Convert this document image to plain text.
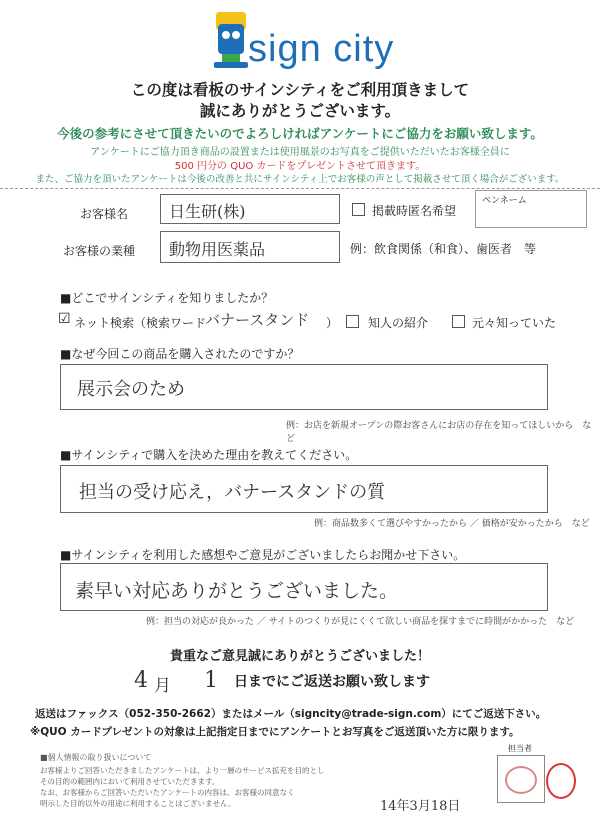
sign city
この度は看板のサインシティをご利用頂きまして
誠にありがとうございます。
今後の参考にさせて頂きたいのでよろしければアンケートにご協力をお願い致します。
アンケートにご協力頂き商品の設置または使用風景のお写真をご提供いただいたお客様全員に
500 円分の QUO カードをプレゼントさせて頂きます。
また、ご協力を頂いたアンケートは今後の改善と共にサインシティ上でお客様の声として掲載させて頂く場合がございます。
お客様名	日生研(株)	掲載時匿名希望
ペンネーム
お客様の業種 動物用医薬品	例：飲食関係（和食）、歯医者　等
■どこでサインシティを知りましたか？
☑ ネット検索（検索ワード
バナースタンド ） 知人の紹介	元々知っていた
■なぜ今回この商品を購入されたのですか？
展示会のため
例：お店を新規オープンの際お客さんにお店の存在を知ってほしいから　など
■サインシティで購入を決めた理由を教えてください。
担当の受け応え，バナースタンドの質
例：商品数多くて選びやすかったから ／ 価格が安かったから　など
■サインシティを利用した感想やご意見がございましたらお聞かせ下さい。
素早い対応ありがとうございました。
例：担当の対応が良かった ／ サイトのつくりが見にくくて欲しい商品を探すまでに時間がかかった　など
貴重なご意見誠にありがとうございました！
4 月 1 日までにご返送お願い致します
返送はファックス（052-350-2662）またはメール（signcity@trade-sign.com）にてご返送下さい。
※QUO カードプレゼントの対象は上記指定日までにアンケートとお写真をご返送頂いた方に限ります。
■個人情報の取り扱いについて
お客様よりご回答いただきましたアンケートは、より一層のサービス拡充を目的とし
その目的の範囲内において利用させていただきます。
なお、お客様からご回答いただいたアンケートの内容は、お客様の同意なく
明示した目的以外の用途に利用することはございません。
担当者
14年3月18日
